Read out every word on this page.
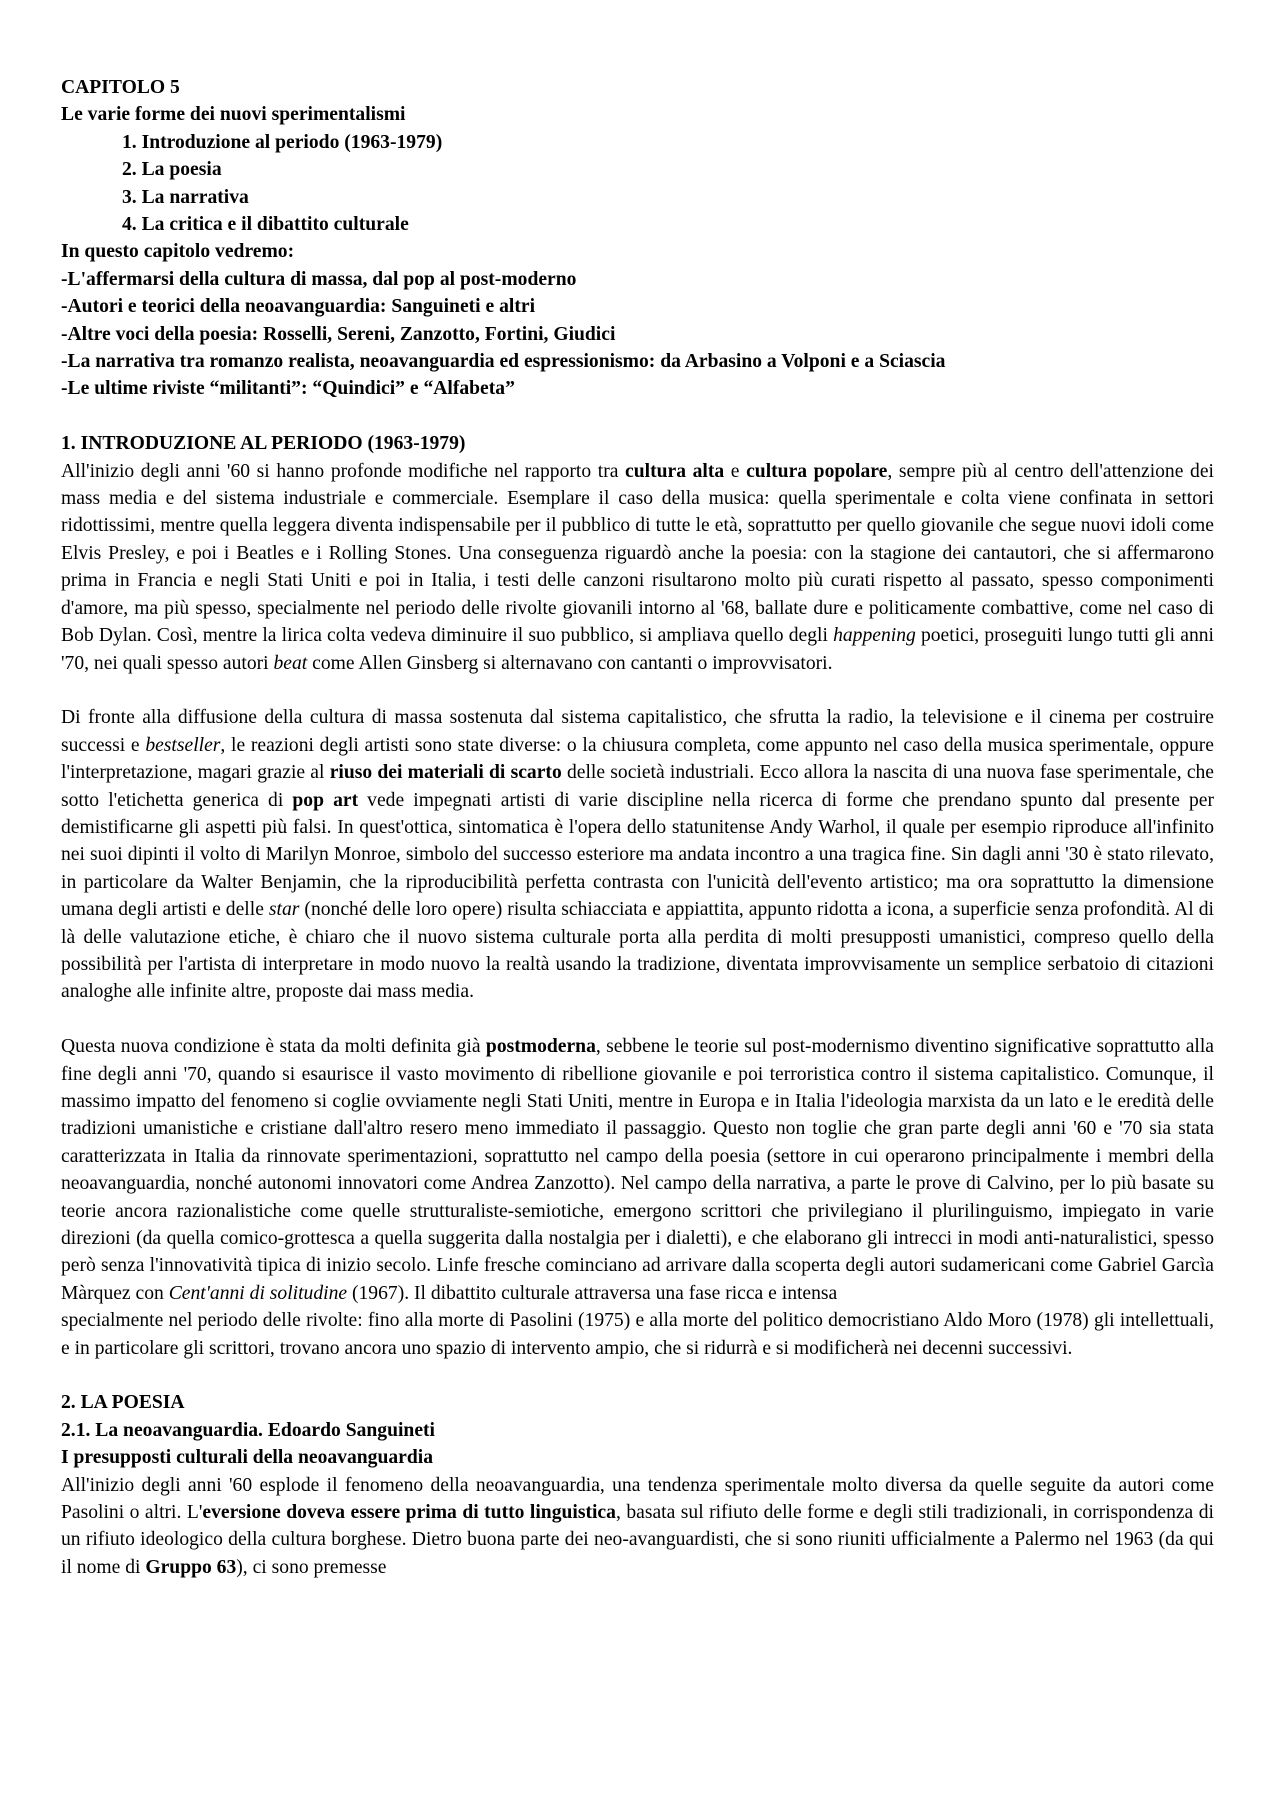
CAPITOLO 5
Le varie forme dei nuovi sperimentalismi
1. Introduzione al periodo (1963-1979)
2. La poesia
3. La narrativa
4. La critica e il dibattito culturale
In questo capitolo vedremo:
-L'affermarsi della cultura di massa, dal pop al post-moderno
-Autori e teorici della neoavanguardia: Sanguineti e altri
-Altre voci della poesia: Rosselli, Sereni, Zanzotto, Fortini, Giudici
-La narrativa tra romanzo realista, neoavanguardia ed espressionismo: da Arbasino a Volponi e a Sciascia
-Le ultime riviste “militanti”: “Quindici” e “Alfabeta”
1. INTRODUZIONE AL PERIODO (1963-1979)

All'inizio degli anni '60 si hanno profonde modifiche nel rapporto tra cultura alta e cultura popolare, sempre più al centro dell'attenzione dei mass media e del sistema industriale e commerciale. Esemplare il caso della musica: quella sperimentale e colta viene confinata in settori ridottissimi, mentre quella leggera diventa indispensabile per il pubblico di tutte le età, soprattutto per quello giovanile che segue nuovi idoli come Elvis Presley, e poi i Beatles e i Rolling Stones. Una conseguenza riguardò anche la poesia: con la stagione dei cantautori, che si affermarono prima in Francia e negli Stati Uniti e poi in Italia, i testi delle canzoni risultarono molto più curati rispetto al passato, spesso componimenti d'amore, ma più spesso, specialmente nel periodo delle rivolte giovanili intorno al '68, ballate dure e politicamente combattive, come nel caso di Bob Dylan. Così, mentre la lirica colta vedeva diminuire il suo pubblico, si ampliava quello degli happening poetici, proseguiti lungo tutti gli anni '70, nei quali spesso autori beat come Allen Ginsberg si alternavano con cantanti o improvvisatori.

Di fronte alla diffusione della cultura di massa sostenuta dal sistema capitalistico, che sfrutta la radio, la televisione e il cinema per costruire successi e bestseller, le reazioni degli artisti sono state diverse: o la chiusura completa, come appunto nel caso della musica sperimentale, oppure l'interpretazione, magari grazie al riuso dei materiali di scarto delle società industriali. Ecco allora la nascita di una nuova fase sperimentale, che sotto l'etichetta generica di pop art vede impegnati artisti di varie discipline nella ricerca di forme che prendano spunto dal presente per demistificarne gli aspetti più falsi. In quest'ottica, sintomatica è l'opera dello statunitense Andy Warhol, il quale per esempio riproduce all'infinito nei suoi dipinti il volto di Marilyn Monroe, simbolo del successo esteriore ma andata incontro a una tragica fine. Sin dagli anni '30 è stato rilevato, in particolare da Walter Benjamin, che la riproducibilità perfetta contrasta con l'unicità dell'evento artistico; ma ora soprattutto la dimensione umana degli artisti e delle star (nonché delle loro opere) risulta schiacciata e appiattita, appunto ridotta a icona, a superficie senza profondità. Al di là delle valutazione etiche, è chiaro che il nuovo sistema culturale porta alla perdita di molti presupposti umanistici, compreso quello della possibilità per l'artista di interpretare in modo nuovo la realtà usando la tradizione, diventata improvvisamente un semplice serbatoio di citazioni analoghe alle infinite altre, proposte dai mass media.

Questa nuova condizione è stata da molti definita già postmoderna, sebbene le teorie sul post-modernismo diventino significative soprattutto alla fine degli anni '70, quando si esaurisce il vasto movimento di ribellione giovanile e poi terroristica contro il sistema capitalistico. Comunque, il massimo impatto del fenomeno si coglie ovviamente negli Stati Uniti, mentre in Europa e in Italia l'ideologia marxista da un lato e le eredità delle tradizioni umanistiche e cristiane dall'altro resero meno immediato il passaggio. Questo non toglie che gran parte degli anni '60 e '70 sia stata caratterizzata in Italia da rinnovate sperimentazioni, soprattutto nel campo della poesia (settore in cui operarono principalmente i membri della neoavanguardia, nonché autonomi innovatori come Andrea Zanzotto). Nel campo della narrativa, a parte le prove di Calvino, per lo più basate su teorie ancora razionalistiche come quelle strutturaliste-semiotiche, emergono scrittori che privilegiano il plurilinguismo, impiegato in varie direzioni (da quella comico-grottesca a quella suggerita dalla nostalgia per i dialetti), e che elaborano gli intrecci in modi anti-naturalistici, spesso però senza l'innovatività tipica di inizio secolo. Linfe fresche cominciano ad arrivare dalla scoperta degli autori sudamericani come Gabriel Garcìa Màrquez con Cent'anni di solitudine (1967). Il dibattito culturale attraversa una fase ricca e intensa

specialmente nel periodo delle rivolte: fino alla morte di Pasolini (1975) e alla morte del politico democristiano Aldo Moro (1978) gli intellettuali, e in particolare gli scrittori, trovano ancora uno spazio di intervento ampio, che si ridurrà e si modificherà nei decenni successivi.

2. LA POESIA
2.1. La neoavanguardia. Edoardo Sanguineti
I presupposti culturali della neoavanguardia

All'inizio degli anni '60 esplode il fenomeno della neoavanguardia, una tendenza sperimentale molto diversa da quelle seguite da autori come Pasolini o altri. L'eversione doveva essere prima di tutto linguistica, basata sul rifiuto delle forme e degli stili tradizionali, in corrispondenza di un rifiuto ideologico della cultura borghese. Dietro buona parte dei neo-avanguardisti, che si sono riuniti ufficialmente a Palermo nel 1963 (da qui il nome di Gruppo 63), ci sono premesse
